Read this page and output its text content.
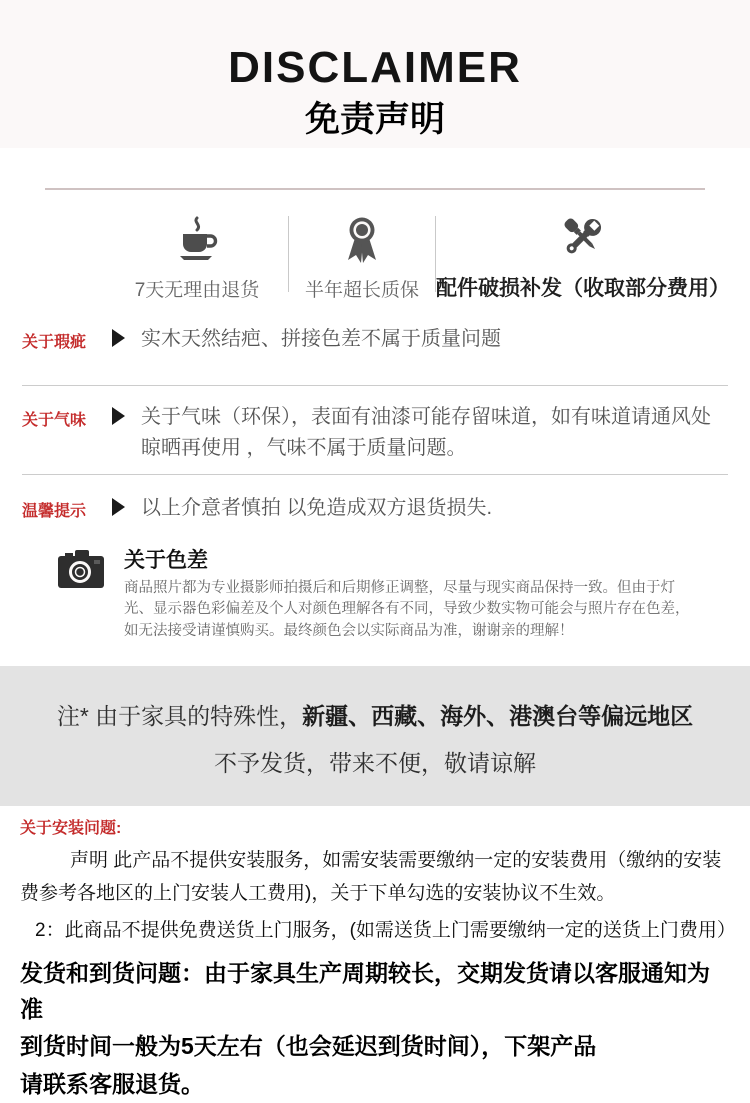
DISCLAIMER
免责声明
7天无理由退货 半年超长质保 配件破损补发（收取部分费用）
关于瑕疵	实木天然结疤、拼接色差不属于质量问题
关于气味	关于气味（环保），表面有油漆可能存留味道，如有味道请通风处晾晒再使用 ，气味不属于质量问题。
温馨提示	以上介意者慎拍 以免造成双方退货损失.
关于色差
商品照片都为专业摄影师拍摄后和后期修正调整，尽量与现实商品保持一致。但由于灯光、显示器色彩偏差及个人对颜色理解各有不同，导致少数实物可能会与照片存在色差，如无法接受请谨慎购买。最终颜色会以实际商品为准，谢谢亲的理解！
注* 由于家具的特殊性，新疆、西藏、海外、港澳台等偏远地区
不予发货，带来不便，敬请谅解
关于安装问题:
声明 此产品不提供安装服务，如需安装需要缴纳一定的安装费用（缴纳的安装费参考各地区的上门安装人工费用)，关于下单勾选的安装协议不生效。
2：此商品不提供免费送货上门服务，(如需送货上门需要缴纳一定的送货上门费用）
发货和到货问题：由于家具生产周期较长，交期发货请以客服通知为准
到货时间一般为5天左右（也会延迟到货时间），下架产品
请联系客服退货。
